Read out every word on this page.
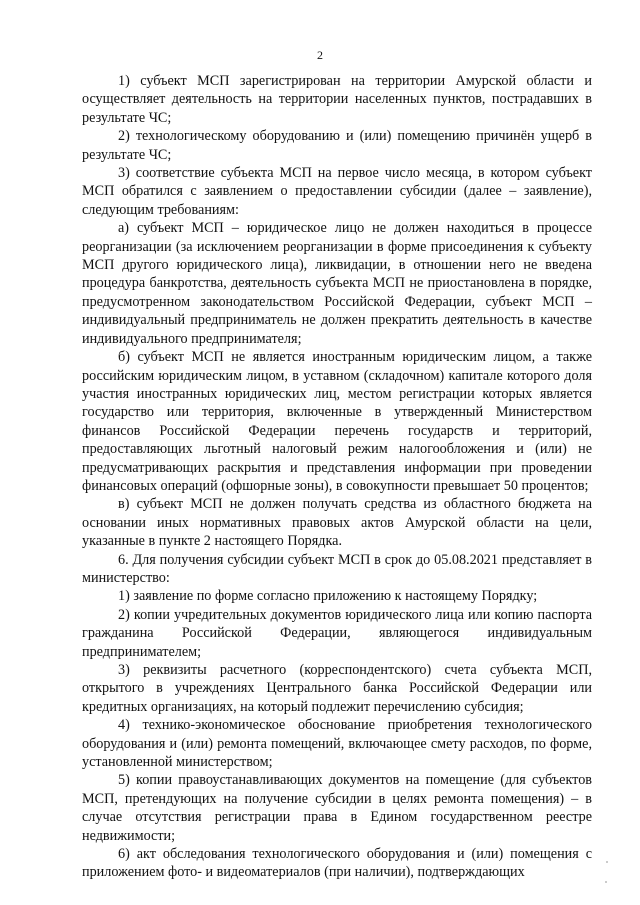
2

1) субъект МСП зарегистрирован на территории Амурской области и осуществляет деятельность на территории населенных пунктов, пострадавших в результате ЧС;

2) технологическому оборудованию и (или) помещению причинён ущерб в результате ЧС;

3) соответствие субъекта МСП на первое число месяца, в котором субъект МСП обратился с заявлением о предоставлении субсидии (далее – заявление), следующим требованиям:

а) субъект МСП – юридическое лицо не должен находиться в процессе реорганизации (за исключением реорганизации в форме присоединения к субъекту МСП другого юридического лица), ликвидации, в отношении него не введена процедура банкротства, деятельность субъекта МСП не приостановлена в порядке, предусмотренном законодательством Российской Федерации, субъект МСП – индивидуальный предприниматель не должен прекратить деятельность в качестве индивидуального предпринимателя;

б) субъект МСП не является иностранным юридическим лицом, а также российским юридическим лицом, в уставном (складочном) капитале которого доля участия иностранных юридических лиц, местом регистрации которых является государство или территория, включенные в утвержденный Министерством финансов Российской Федерации перечень государств и территорий, предоставляющих льготный налоговый режим налогообложения и (или) не предусматривающих раскрытия и представления информации при проведении финансовых операций (офшорные зоны), в совокупности превышает 50 процентов;

в) субъект МСП не должен получать средства из областного бюджета на основании иных нормативных правовых актов Амурской области на цели, указанные в пункте 2 настоящего Порядка.

6. Для получения субсидии субъект МСП в срок до 05.08.2021 представляет в министерство:

1) заявление по форме согласно приложению к настоящему Порядку;

2) копии учредительных документов юридического лица или копию паспорта гражданина Российской Федерации, являющегося индивидуальным предпринимателем;

3) реквизиты расчетного (корреспондентского) счета субъекта МСП, открытого в учреждениях Центрального банка Российской Федерации или кредитных организациях, на который подлежит перечислению субсидия;

4) технико-экономическое обоснование приобретения технологического оборудования и (или) ремонта помещений, включающее смету расходов, по форме, установленной министерством;

5) копии правоустанавливающих документов на помещение (для субъектов МСП, претендующих на получение субсидии в целях ремонта помещения) – в случае отсутствия регистрации права в Едином государственном реестре недвижимости;

6) акт обследования технологического оборудования и (или) помещения с приложением фото- и видеоматериалов (при наличии), подтверждающих
